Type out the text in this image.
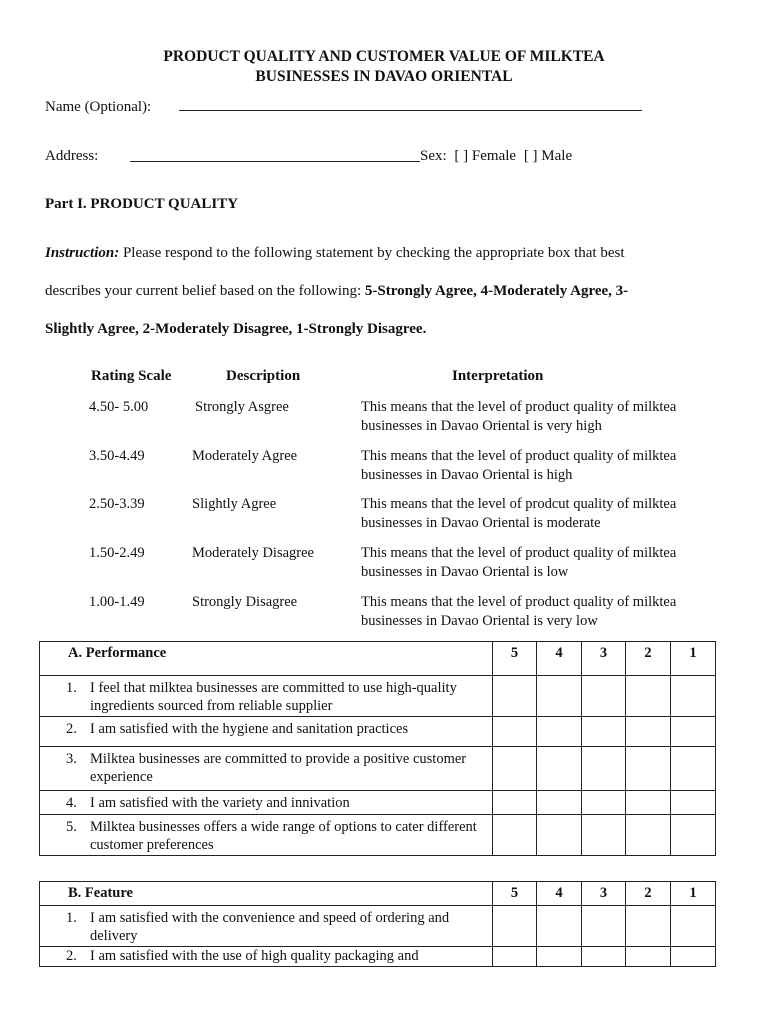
PRODUCT QUALITY AND CUSTOMER VALUE OF MILKTEA
BUSINESSES IN DAVAO ORIENTAL
Name (Optional):
Address:	Sex: [ ] Female [ ] Male
Part I. PRODUCT QUALITY
Instruction: Please respond to the following statement by checking the appropriate box that best
describes your current belief based on the following: 5-Strongly Agree, 4-Moderately Agree, 3-
Slightly Agree, 2-Moderately Disagree, 1-Strongly Disagree.
Rating Scale	Description	Interpretation
4.50- 5.00	Strongly Asgree	This means that the level of product quality of milktea
businesses in Davao Oriental is very high
3.50-4.49	Moderately Agree	This means that the level of product quality of milktea
businesses in Davao Oriental is high
2.50-3.39	Slightly Agree	This means that the level of prodcut quality of milktea
businesses in Davao Oriental is moderate
1.50-2.49	Moderately Disagree	This means that the level of product quality of milktea
businesses in Davao Oriental is low
1.00-1.49	Strongly Disagree	This means that the level of product quality of milktea
businesses in Davao Oriental is very low
A. Performance	5	4	3	2	1

1. I feel that milktea businesses are committed to use high-quality ingredients sourced from reliable supplier					

2. I am satisfied with the hygiene and sanitation practices					

3. Milktea businesses are committed to provide a positive customer experience					

4. I am satisfied with the variety and innivation					

5. Milktea businesses offers a wide range of options to cater different customer preferences					

B. Feature	5	4	3	2	1

1. I am satisfied with the convenience and speed of ordering and delivery					

2. I am satisfied with the use of high quality packaging and					
